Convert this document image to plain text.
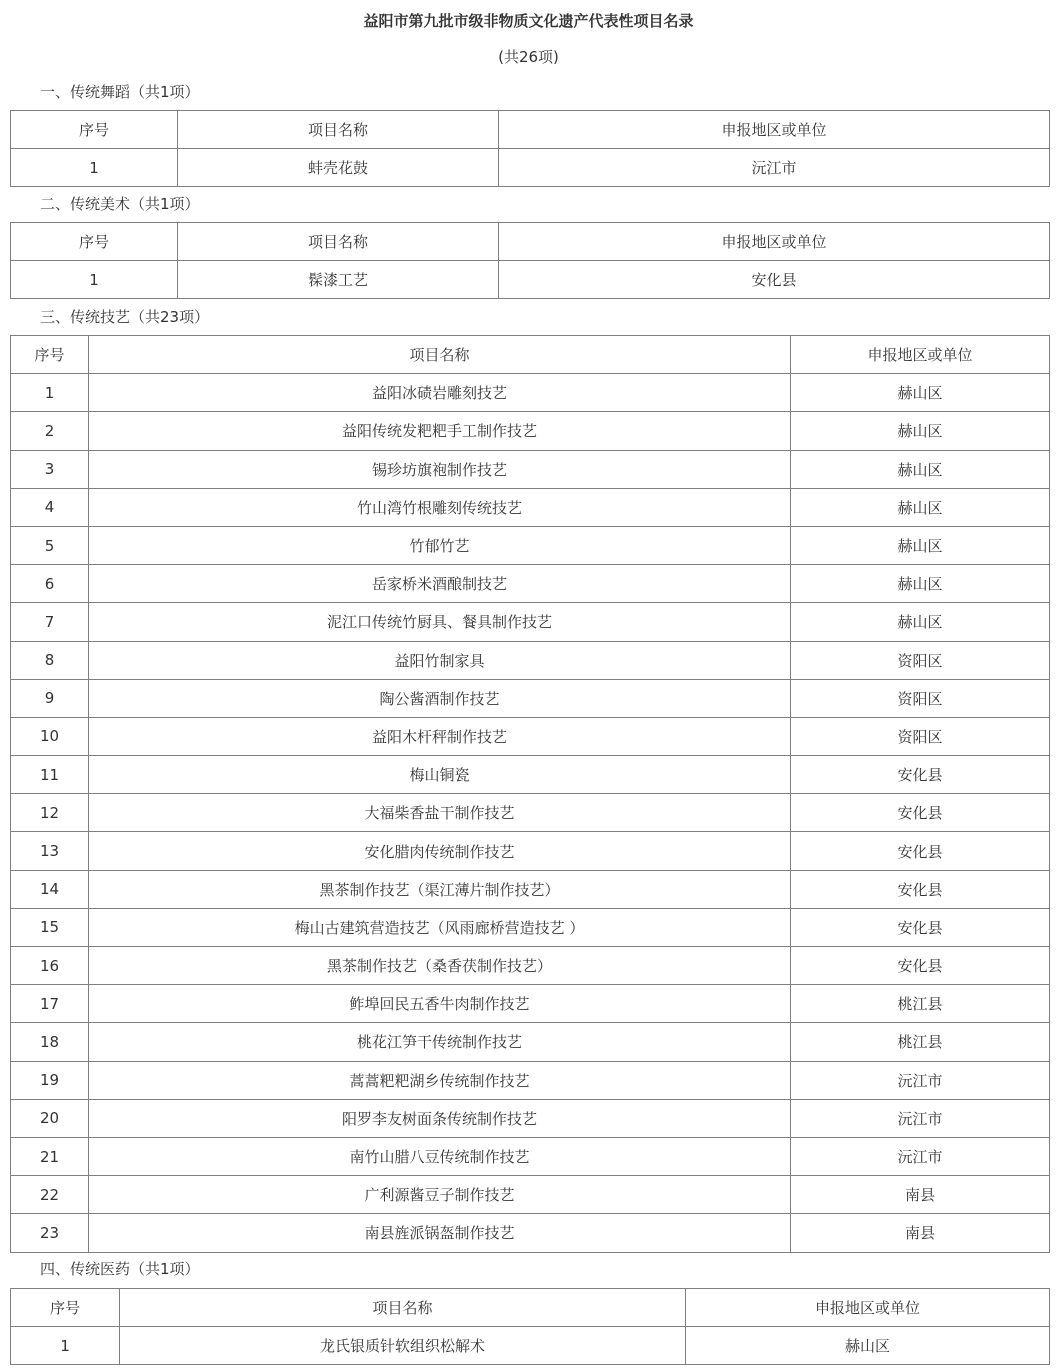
益阳市第九批市级非物质文化遗产代表性项目名录
(共26项)
一、传统舞蹈（共1项）
序号	项目名称	申报地区或单位
1	蚌壳花鼓	沅江市
二、传统美术（共1项）
序号	项目名称	申报地区或单位
1	髹漆工艺	安化县
三、传统技艺（共23项）
序号	项目名称	申报地区或单位
1	益阳冰碛岩雕刻技艺	赫山区
2	益阳传统发粑粑手工制作技艺	赫山区
3	锡珍坊旗袍制作技艺	赫山区
4	竹山湾竹根雕刻传统技艺	赫山区
5	竹郁竹艺	赫山区
6	岳家桥米酒酿制技艺	赫山区
7	泥江口传统竹厨具、餐具制作技艺	赫山区
8	益阳竹制家具	资阳区
9	陶公酱酒制作技艺	资阳区
10	益阳木杆秤制作技艺	资阳区
11	梅山铜瓷	安化县
12	大福柴香盐干制作技艺	安化县
13	安化腊肉传统制作技艺	安化县
14	黑茶制作技艺（渠江薄片制作技艺）	安化县
15	梅山古建筑营造技艺（风雨廊桥营造技艺 ）	安化县
16	黑茶制作技艺（桑香茯制作技艺）	安化县
17	鲊埠回民五香牛肉制作技艺	桃江县
18	桃花江笋干传统制作技艺	桃江县
19	蒿蒿粑粑湖乡传统制作技艺	沅江市
20	阳罗李友树面条传统制作技艺	沅江市
21	南竹山腊八豆传统制作技艺	沅江市
22	广利源酱豆子制作技艺	南县
23	南县旌派锅盔制作技艺	南县
四、传统医药（共1项）
序号	项目名称	申报地区或单位
1	龙氏银质针软组织松解术	赫山区
